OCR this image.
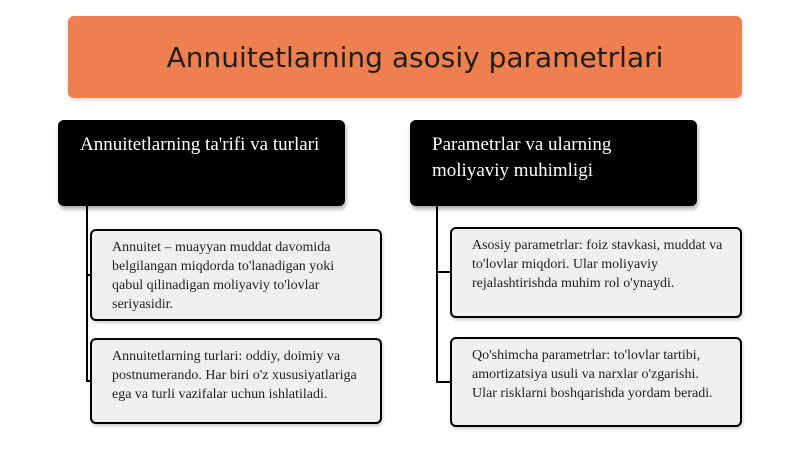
Annuitetlarning asosiy parametrlari
Annuitetlarning ta'rifi va turlari	Parametrlar va ularning moliyaviy muhimligi
Annuitet – muayyan muddat davomida belgilangan miqdorda to'lanadigan yoki qabul qilinadigan moliyaviy to'lovlar seriyasidir.
Annuitetlarning turlari: oddiy, doimiy va postnumerando. Har biri o'z xususiyatlariga ega va turli vazifalar uchun ishlatiladi.
Asosiy parametrlar: foiz stavkasi, muddat va to'lovlar miqdori. Ular moliyaviy rejalashtirishda muhim rol o'ynaydi.
Qo'shimcha parametrlar: to'lovlar tartibi, amortizatsiya usuli va narxlar o'zgarishi. Ular risklarni boshqarishda yordam beradi.
